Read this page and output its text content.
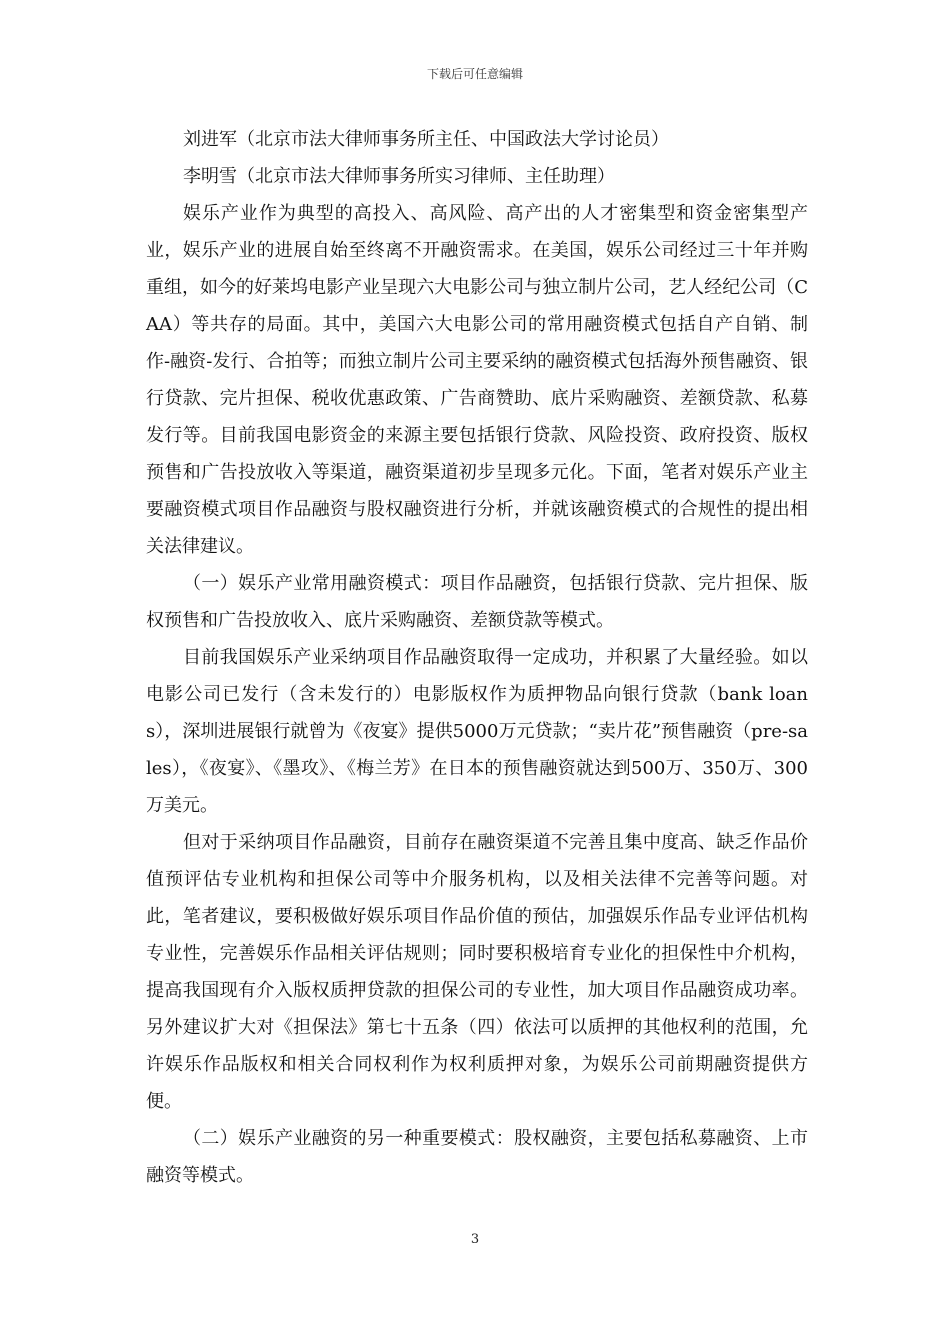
下载后可任意编辑

刘进军（北京市法大律师事务所主任、中国政法大学讨论员）

李明雪（北京市法大律师事务所实习律师、主任助理）

娱乐产业作为典型的高投入、高风险、高产出的人才密集型和资金密集型产业，娱乐产业的进展自始至终离不开融资需求。在美国，娱乐公司经过三十年并购重组，如今的好莱坞电影产业呈现六大电影公司与独立制片公司，艺人经纪公司（CAA）等共存的局面。其中，美国六大电影公司的常用融资模式包括自产自销、制作-融资-发行、合拍等；而独立制片公司主要采纳的融资模式包括海外预售融资、银行贷款、完片担保、税收优惠政策、广告商赞助、底片采购融资、差额贷款、私募发行等。目前我国电影资金的来源主要包括银行贷款、风险投资、政府投资、版权预售和广告投放收入等渠道，融资渠道初步呈现多元化。下面，笔者对娱乐产业主要融资模式项目作品融资与股权融资进行分析，并就该融资模式的合规性的提出相关法律建议。

（一）娱乐产业常用融资模式：项目作品融资，包括银行贷款、完片担保、版权预售和广告投放收入、底片采购融资、差额贷款等模式。

目前我国娱乐产业采纳项目作品融资取得一定成功，并积累了大量经验。如以电影公司已发行（含未发行的）电影版权作为质押物品向银行贷款（bank loans），深圳进展银行就曾为《夜宴》提供5000万元贷款；“卖片花”预售融资（pre-sales），《夜宴》、《墨攻》、《梅兰芳》在日本的预售融资就达到500万、350万、300万美元。

但对于采纳项目作品融资，目前存在融资渠道不完善且集中度高、缺乏作品价值预评估专业机构和担保公司等中介服务机构，以及相关法律不完善等问题。对此，笔者建议，要积极做好娱乐项目作品价值的预估，加强娱乐作品专业评估机构专业性，完善娱乐作品相关评估规则；同时要积极培育专业化的担保性中介机构，提高我国现有介入版权质押贷款的担保公司的专业性，加大项目作品融资成功率。另外建议扩大对《担保法》第七十五条（四）依法可以质押的其他权利的范围，允许娱乐作品版权和相关合同权利作为权利质押对象，为娱乐公司前期融资提供方便。

（二）娱乐产业融资的另一种重要模式：股权融资，主要包括私募融资、上市融资等模式。

3
